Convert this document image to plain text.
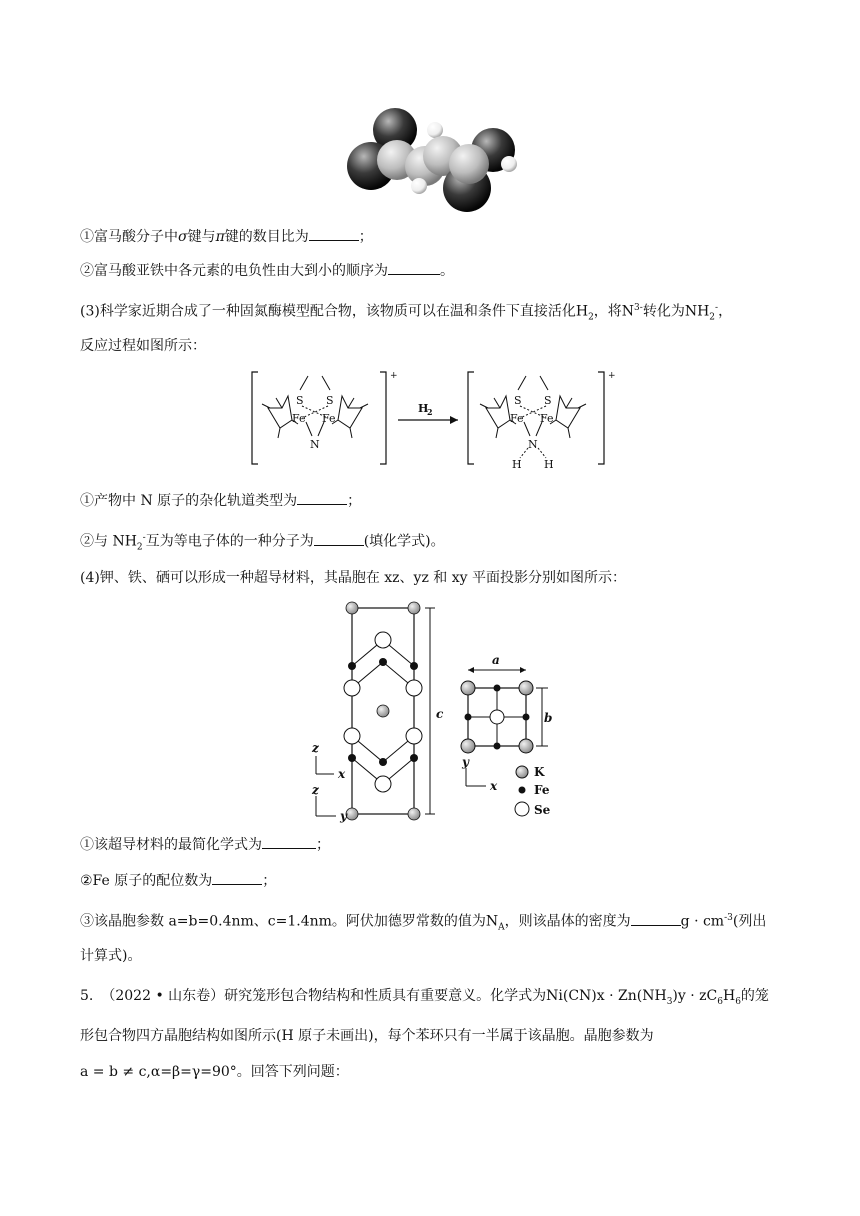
①富马酸分子中σ键与π键的数目比为	；
②富马酸亚铁中各元素的电负性由大到小的顺序为	。
(3)科学家近期合成了一种固氮酶模型配合物，该物质可以在温和条件下直接活化$H_2$，将$N^{3-}$转化为$NH_2^-$，
反应过程如图所示：
+
S S
Fe Fe
N
H
2
+
S S
Fe Fe
N
H H
①产物中 N 原子的杂化轨道类型为	；
②与 $NH_2^-$互为等电子体的一种分子为	(填化学式)。
(4)钾、铁、硒可以形成一种超导材料，其晶胞在 xz、yz 和 xy 平面投影分别如图所示：
c
z
x
z
y
a
b
y
x
K
Fe
Se
①该超导材料的最简化学式为	；
②Fe 原子的配位数为	；
③该晶胞参数 a=b=0.4nm、c=1.4nm。阿伏加德罗常数的值为$N_A$，则该晶体的密度为	$g \cdot cm^{-3}$(列出
计算式)。
5. （2022 • 山东卷）研究笼形包合物结构和性质具有重要意义。化学式为$Ni(CN)x \cdot Zn(NH_3)y \cdot zC_6H_6$的笼
形包合物四方晶胞结构如图所示(H 原子未画出)，每个苯环只有一半属于该晶胞。晶胞参数为
a = b ≠ c,α=β=γ=90°。回答下列问题：
